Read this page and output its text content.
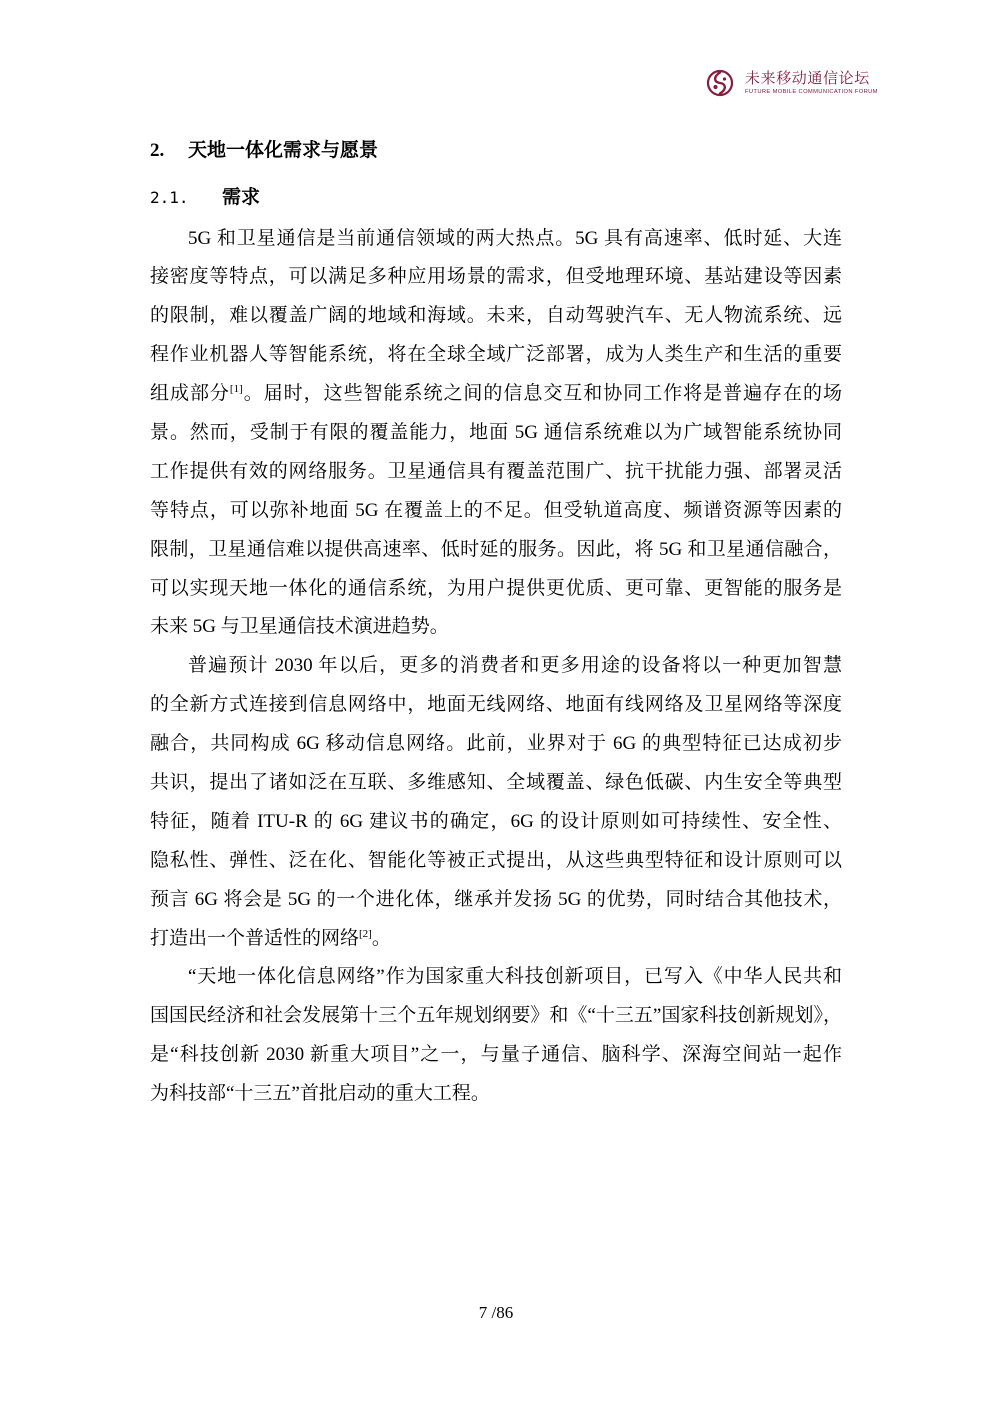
未来移动通信论坛
FUTURE MOBILE COMMUNICATION FORUM
2. 天地一体化需求与愿景
2.1. 需求
5G 和卫星通信是当前通信领域的两大热点。5G 具有高速率、低时延、大连
接密度等特点，可以满足多种应用场景的需求，但受地理环境、基站建设等因素
的限制，难以覆盖广阔的地域和海域。未来，自动驾驶汽车、无人物流系统、远
程作业机器人等智能系统，将在全球全域广泛部署，成为人类生产和生活的重要
组成部分[1]。届时，这些智能系统之间的信息交互和协同工作将是普遍存在的场
景。然而，受制于有限的覆盖能力，地面 5G 通信系统难以为广域智能系统协同
工作提供有效的网络服务。卫星通信具有覆盖范围广、抗干扰能力强、部署灵活
等特点，可以弥补地面 5G 在覆盖上的不足。但受轨道高度、频谱资源等因素的
限制，卫星通信难以提供高速率、低时延的服务。因此，将 5G 和卫星通信融合，
可以实现天地一体化的通信系统，为用户提供更优质、更可靠、更智能的服务是
未来 5G 与卫星通信技术演进趋势。
普遍预计 2030 年以后，更多的消费者和更多用途的设备将以一种更加智慧
的全新方式连接到信息网络中，地面无线网络、地面有线网络及卫星网络等深度
融合，共同构成 6G 移动信息网络。此前，业界对于 6G 的典型特征已达成初步
共识，提出了诸如泛在互联、多维感知、全域覆盖、绿色低碳、内生安全等典型
特征，随着 ITU-R 的 6G 建议书的确定，6G 的设计原则如可持续性、安全性、
隐私性、弹性、泛在化、智能化等被正式提出，从这些典型特征和设计原则可以
预言 6G 将会是 5G 的一个进化体，继承并发扬 5G 的优势，同时结合其他技术，
打造出一个普适性的网络[2]。
“天地一体化信息网络”作为国家重大科技创新项目，已写入《中华人民共和
国国民经济和社会发展第十三个五年规划纲要》和《“十三五”国家科技创新规划》，
是“科技创新 2030 新重大项目”之一，与量子通信、脑科学、深海空间站一起作
为科技部“十三五”首批启动的重大工程。
7 /86
